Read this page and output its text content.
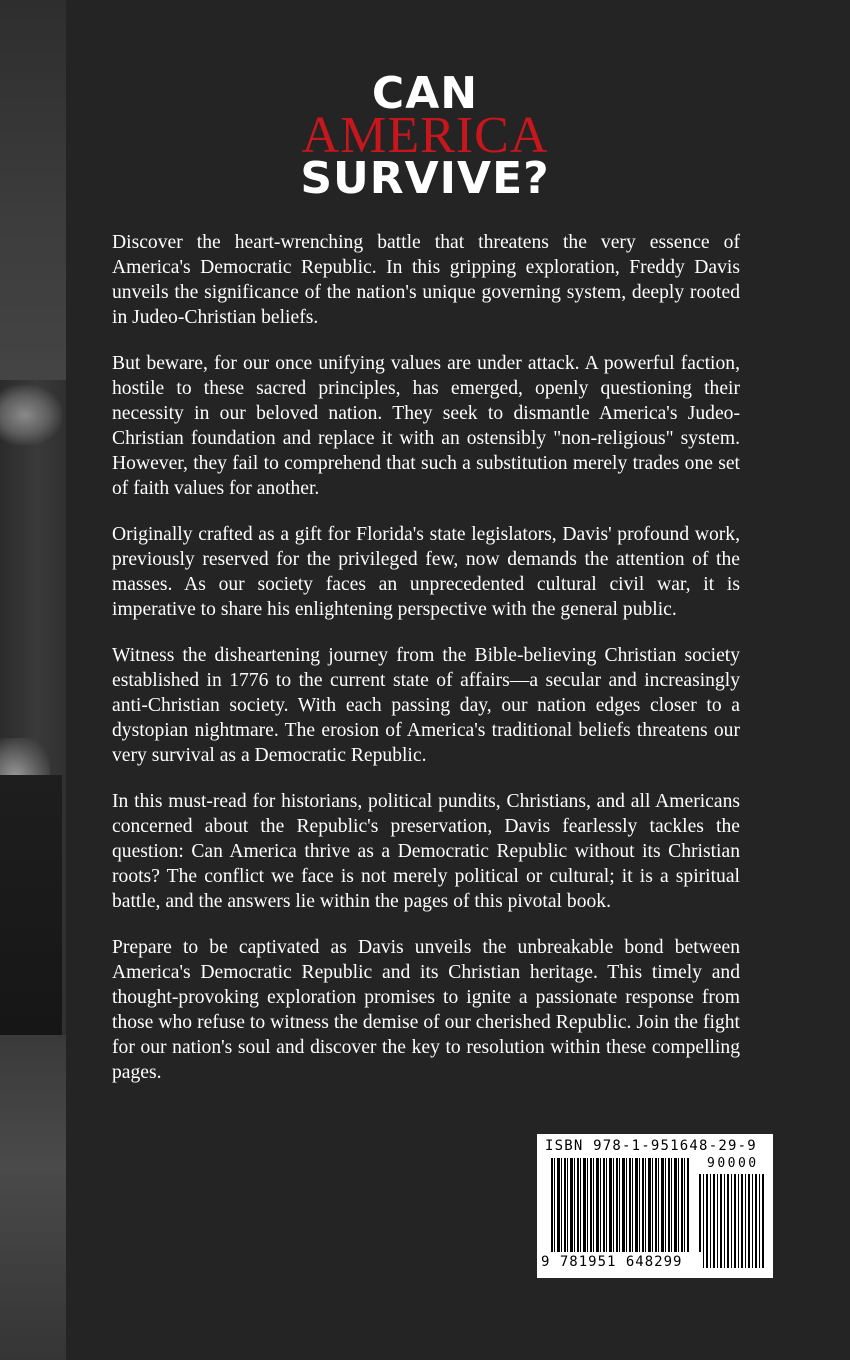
CAN
AMERICA
SURVIVE?

Discover the heart-wrenching battle that threatens the very essence of America's Democratic Republic. In this gripping exploration, Freddy Davis unveils the significance of the nation's unique governing system, deeply rooted in Judeo-Christian beliefs.

But beware, for our once unifying values are under attack. A powerful faction, hostile to these sacred principles, has emerged, openly questioning their necessity in our beloved nation. They seek to dismantle America's Judeo-Christian foundation and replace it with an ostensibly "non-religious" system. However, they fail to comprehend that such a substitution merely trades one set of faith values for another.

Originally crafted as a gift for Florida's state legislators, Davis' profound work, previously reserved for the privileged few, now demands the attention of the masses. As our society faces an unprecedented cultural civil war, it is imperative to share his enlightening perspective with the general public.

Witness the disheartening journey from the Bible-believing Christian society established in 1776 to the current state of affairs—a secular and increasingly anti-Christian society. With each passing day, our nation edges closer to a dystopian nightmare. The erosion of America's traditional beliefs threatens our very survival as a Democratic Republic.

In this must-read for historians, political pundits, Christians, and all Americans concerned about the Republic's preservation, Davis fearlessly tackles the question: Can America thrive as a Democratic Republic without its Christian roots? The conflict we face is not merely political or cultural; it is a spiritual battle, and the answers lie within the pages of this pivotal book.

Prepare to be captivated as Davis unveils the unbreakable bond between America's Democratic Republic and its Christian heritage. This timely and thought-provoking exploration promises to ignite a passionate response from those who refuse to witness the demise of our cherished Republic. Join the fight for our nation's soul and discover the key to resolution within these compelling pages.

ISBN 978-1-951648-29-9
90000
9 781951 648299
